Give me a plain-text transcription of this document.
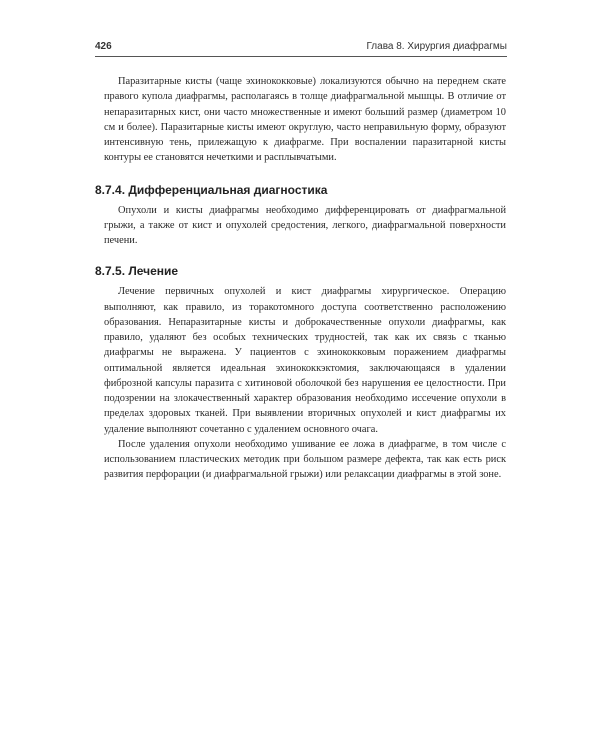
426	Глава 8. Хирургия диафрагмы

Паразитарные кисты (чаще эхинококковые) локализуются обычно на переднем скате правого купола диафрагмы, располагаясь в толще диафрагмальной мышцы. В отличие от непаразитарных кист, они часто множественные и имеют больший размер (диаметром 10 см и более). Паразитарные кисты имеют округлую, часто неправильную форму, образуют интенсивную тень, прилежащую к диафрагме. При воспалении паразитарной кисты контуры ее становятся нечеткими и расплывчатыми.

8.7.4. Дифференциальная диагностика

Опухоли и кисты диафрагмы необходимо дифференцировать от диафрагмальной грыжи, а также от кист и опухолей средостения, легкого, диафрагмальной поверхности печени.

8.7.5. Лечение

Лечение первичных опухолей и кист диафрагмы хирургическое. Операцию выполняют, как правило, из торакотомного доступа соответственно расположению образования. Непаразитарные кисты и доброкачественные опухоли диафрагмы, как правило, удаляют без особых технических трудностей, так как их связь с тканью диафрагмы не выражена. У пациентов с эхинококковым поражением диафрагмы оптимальной является идеальная эхинококкэктомия, заключающаяся в удалении фиброзной капсулы паразита с хитиновой оболочкой без нарушения ее целостности. При подозрении на злокачественный характер образования необходимо иссечение опухоли в пределах здоровых тканей. При выявлении вторичных опухолей и кист диафрагмы их удаление выполняют сочетанно с удалением основного очага.

После удаления опухоли необходимо ушивание ее ложа в диафрагме, в том числе с использованием пластических методик при большом размере дефекта, так как есть риск развития перфорации (и диафрагмальной грыжи) или релаксации диафрагмы в этой зоне.
